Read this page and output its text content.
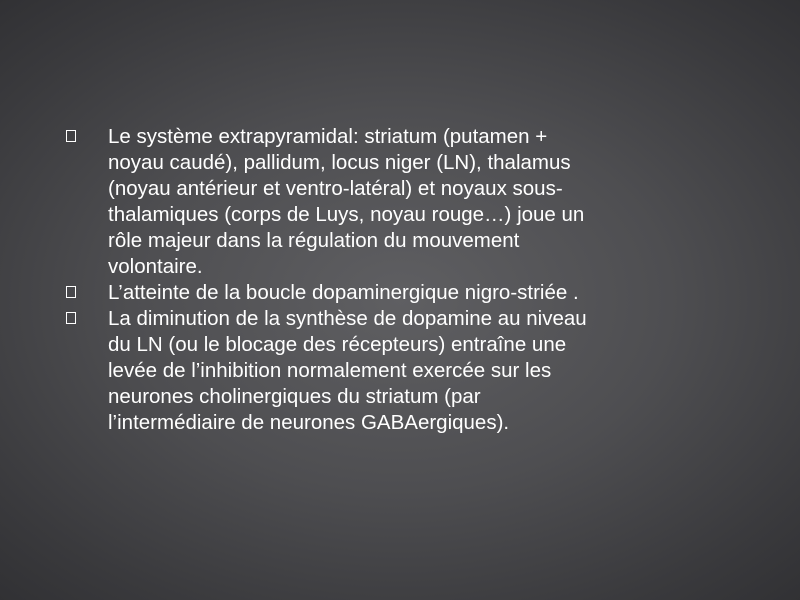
Le système extrapyramidal: striatum (putamen +
noyau caudé), pallidum, locus niger (LN), thalamus
(noyau antérieur et ventro-latéral) et noyaux sous-
thalamiques (corps de Luys, noyau rouge…) joue un
rôle majeur dans la régulation du mouvement
volontaire.
L’atteinte de la boucle dopaminergique nigro-striée .
La diminution de la synthèse de dopamine au niveau
du LN (ou le blocage des récepteurs) entraîne une
levée de l’inhibition normalement exercée sur les
neurones cholinergiques du striatum (par
l’intermédiaire de neurones GABAergiques).
